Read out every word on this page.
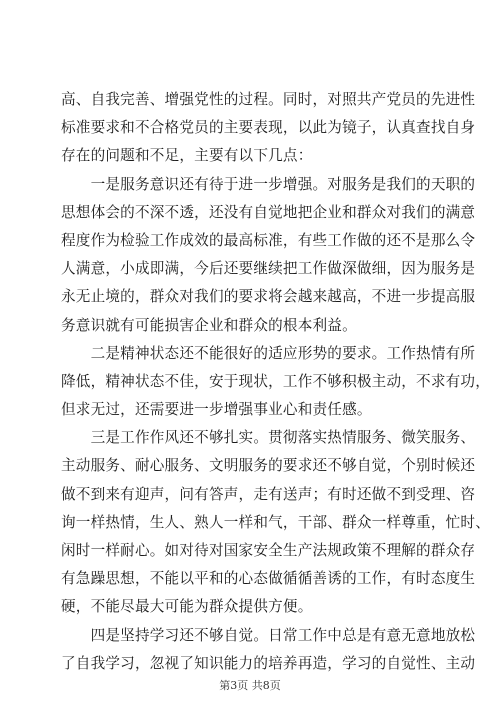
高、自我完善、增强党性的过程。同时，对照共产党员的先进性
标准要求和不合格党员的主要表现，以此为镜子，认真查找自身
存在的问题和不足，主要有以下几点：
　　一是服务意识还有待于进一步增强。对服务是我们的天职的
思想体会的不深不透，还没有自觉地把企业和群众对我们的满意
程度作为检验工作成效的最高标准，有些工作做的还不是那么令
人满意，小成即满，今后还要继续把工作做深做细，因为服务是
永无止境的，群众对我们的要求将会越来越高，不进一步提高服
务意识就有可能损害企业和群众的根本利益。
　　二是精神状态还不能很好的适应形势的要求。工作热情有所
降低，精神状态不佳，安于现状，工作不够积极主动，不求有功，
但求无过，还需要进一步增强事业心和责任感。
　　三是工作作风还不够扎实。贯彻落实热情服务、微笑服务、
主动服务、耐心服务、文明服务的要求还不够自觉，个别时候还
做不到来有迎声，问有答声，走有送声；有时还做不到受理、咨
询一样热情，生人、熟人一样和气，干部、群众一样尊重，忙时、
闲时一样耐心。如对待对国家安全生产法规政策不理解的群众存
有急躁思想，不能以平和的心态做循循善诱的工作，有时态度生
硬，不能尽最大可能为群众提供方便。
　　四是坚持学习还不够自觉。日常工作中总是有意无意地放松
了自我学习，忽视了知识能力的培养再造，学习的自觉性、主动
第3页 共8页
